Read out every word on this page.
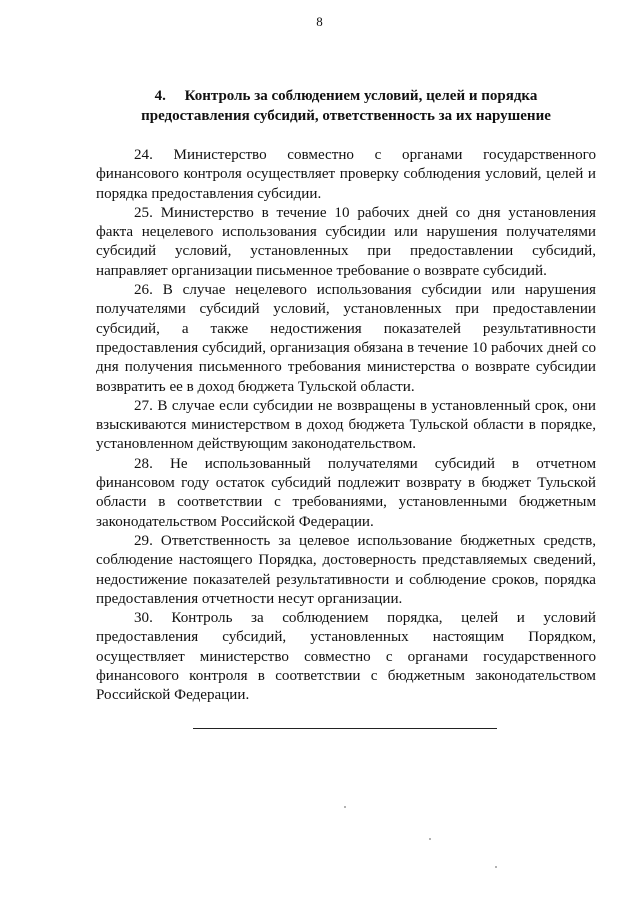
8
4.     Контроль за соблюдением условий, целей и порядка
предоставления субсидий, ответственность за их нарушение

24. Министерство совместно с органами государственного финансового контроля осуществляет проверку соблюдения условий, целей и порядка предоставления субсидии.

25. Министерство в течение 10 рабочих дней со дня установления факта нецелевого использования субсидии или нарушения получателями субсидий условий, установленных при предоставлении субсидий, направляет организации письменное требование о возврате субсидий.

26. В случае нецелевого использования субсидии или нарушения получателями субсидий условий, установленных при предоставлении субсидий, а также недостижения показателей результативности предоставления субсидий, организация обязана в течение 10 рабочих дней со дня получения письменного требования министерства о возврате субсидии возвратить ее в доход бюджета Тульской области.

27. В случае если субсидии не возвращены в установленный срок, они взыскиваются министерством в доход бюджета Тульской области в порядке, установленном действующим законодательством.

28. Не использованный получателями субсидий в отчетном финансовом году остаток субсидий подлежит возврату в бюджет Тульской области в соответствии с требованиями, установленными бюджетным законодательством Российской Федерации.

29. Ответственность за целевое использование бюджетных средств, соблюдение настоящего Порядка, достоверность представляемых сведений, недостижение показателей результативности и соблюдение сроков, порядка предоставления отчетности несут организации.

30. Контроль за соблюдением порядка, целей и условий предоставления субсидий, установленных настоящим Порядком, осуществляет министерство совместно с органами государственного финансового контроля в соответствии с бюджетным законодательством Российской Федерации.
